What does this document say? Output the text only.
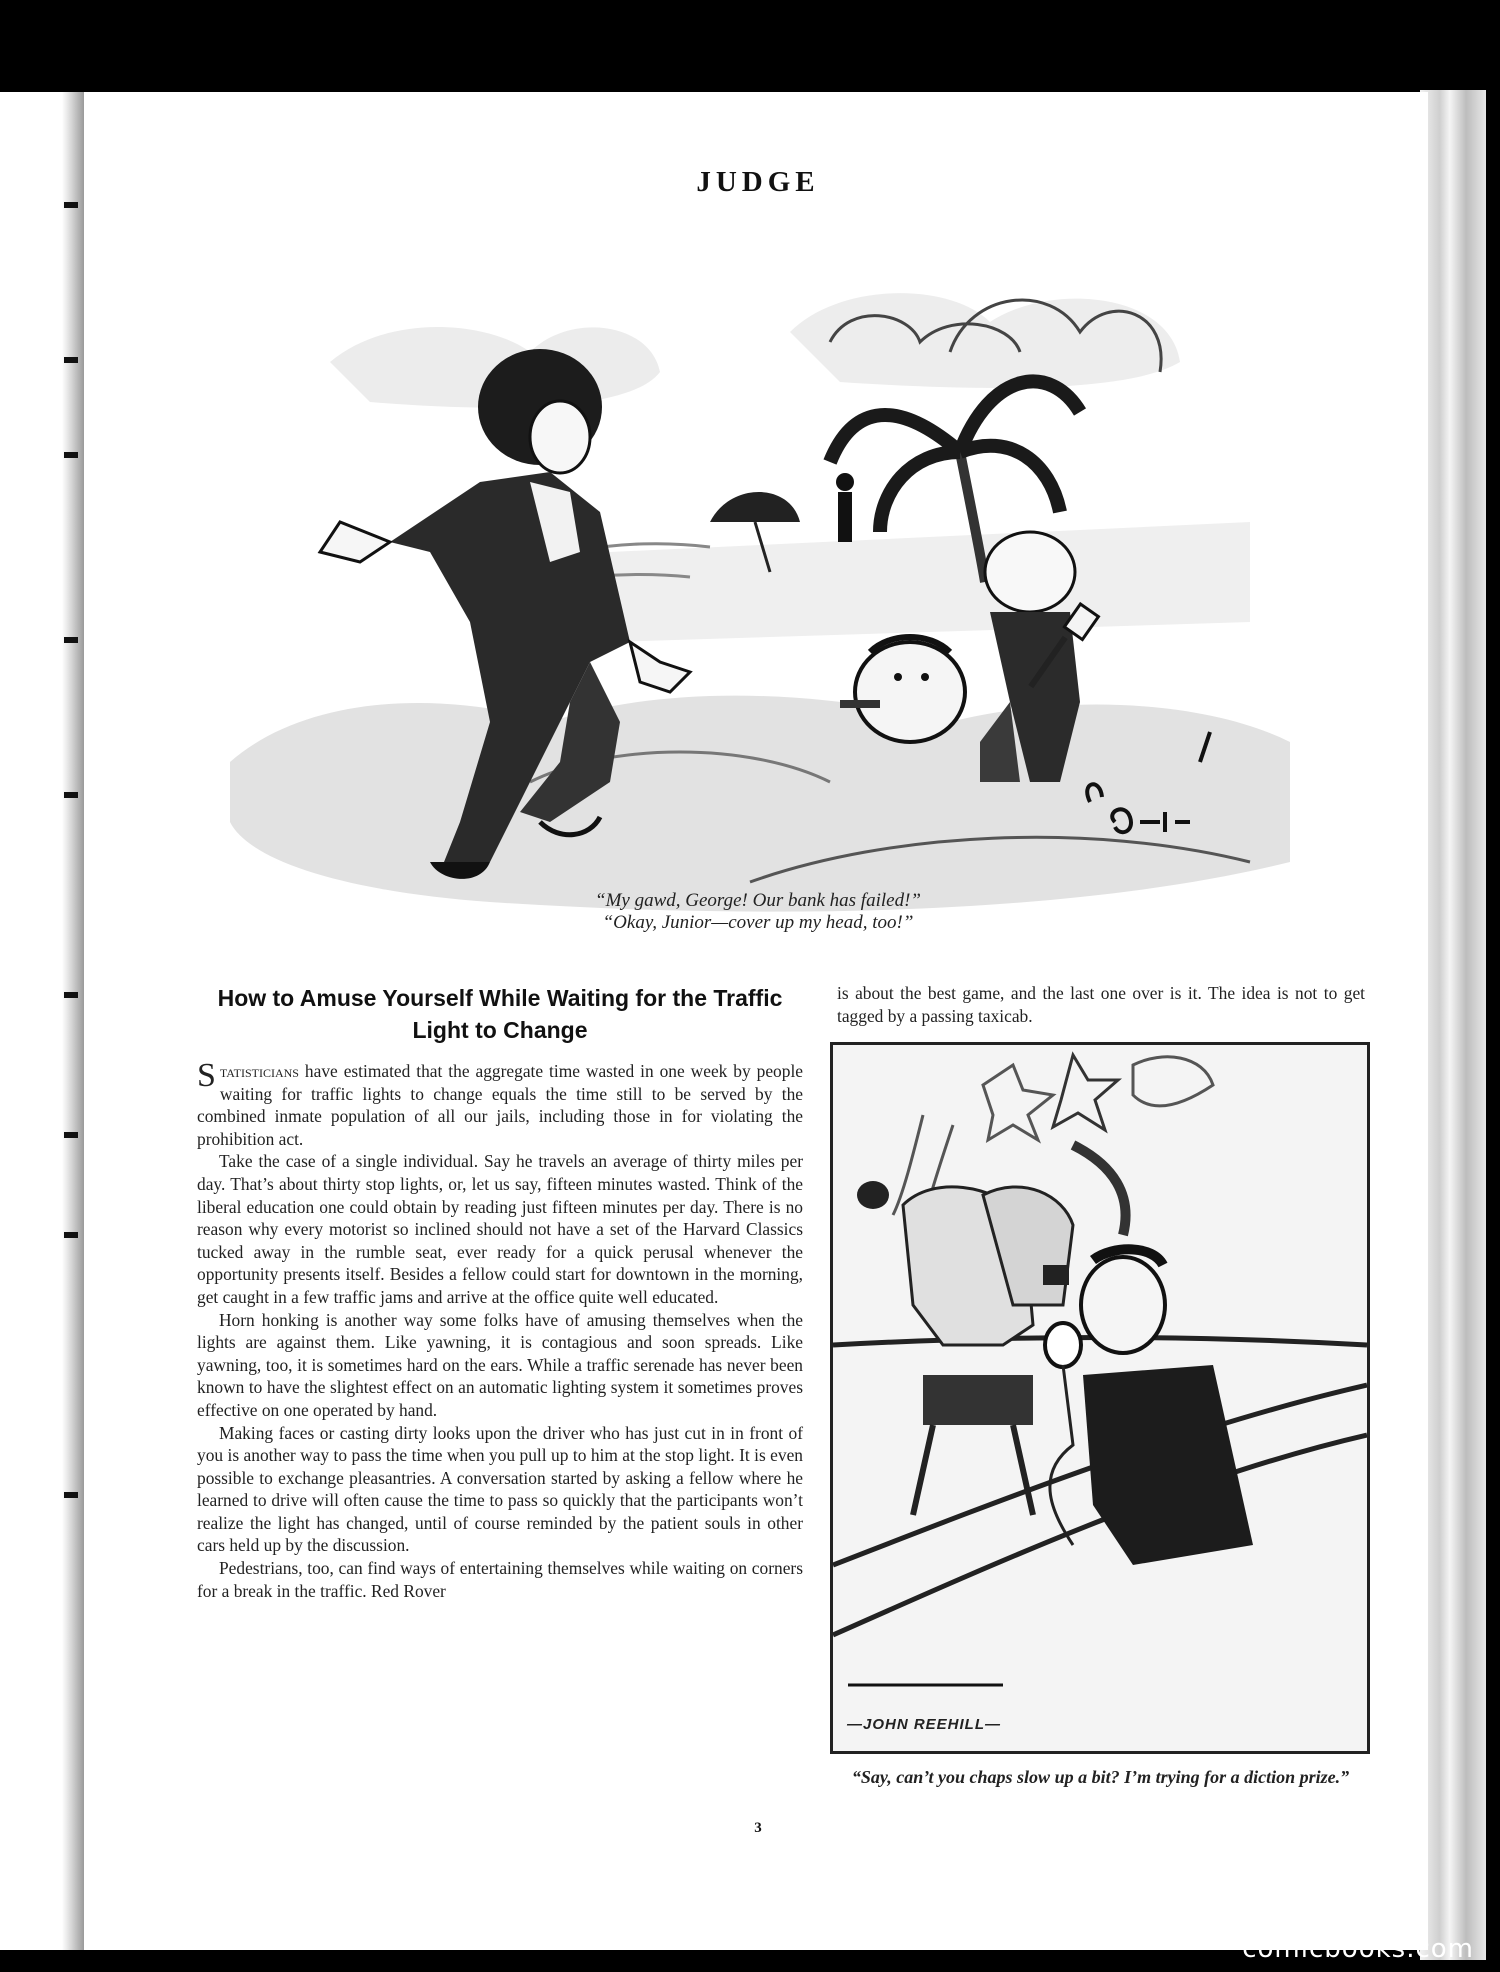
JUDGE
“My gawd, George! Our bank has failed!”
“Okay, Junior—cover up my head, too!”
How to Amuse Yourself While Waiting for the Traffic Light to Change

Statisticians have estimated that the aggregate time wasted in one week by people waiting for traffic lights to change equals the time still to be served by the combined inmate population of all our jails, including those in for violating the prohibition act.

Take the case of a single individual. Say he travels an average of thirty miles per day. That’s about thirty stop lights, or, let us say, fifteen minutes wasted. Think of the liberal education one could obtain by reading just fifteen minutes per day. There is no reason why every motorist so inclined should not have a set of the Harvard Classics tucked away in the rumble seat, ever ready for a quick perusal whenever the opportunity presents itself. Besides a fellow could start for downtown in the morning, get caught in a few traffic jams and arrive at the office quite well educated.

Horn honking is another way some folks have of amusing themselves when the lights are against them. Like yawning, it is contagious and soon spreads. Like yawning, too, it is sometimes hard on the ears. While a traffic serenade has never been known to have the slightest effect on an automatic lighting system it sometimes proves effective on one operated by hand.

Making faces or casting dirty looks upon the driver who has just cut in in front of you is another way to pass the time when you pull up to him at the stop light. It is even possible to exchange pleasantries. A conversation started by asking a fellow where he learned to drive will often cause the time to pass so quickly that the participants won’t realize the light has changed, until of course reminded by the patient souls in other cars held up by the discussion.

Pedestrians, too, can find ways of entertaining themselves while waiting on corners for a break in the traffic. Red Rover

is about the best game, and the last one over is it. The idea is not to get tagged by a passing taxicab.
—JOHN REEHILL—
“Say, can’t you chaps slow up a bit? I’m trying for a diction prize.”
3
comicbooks.com
